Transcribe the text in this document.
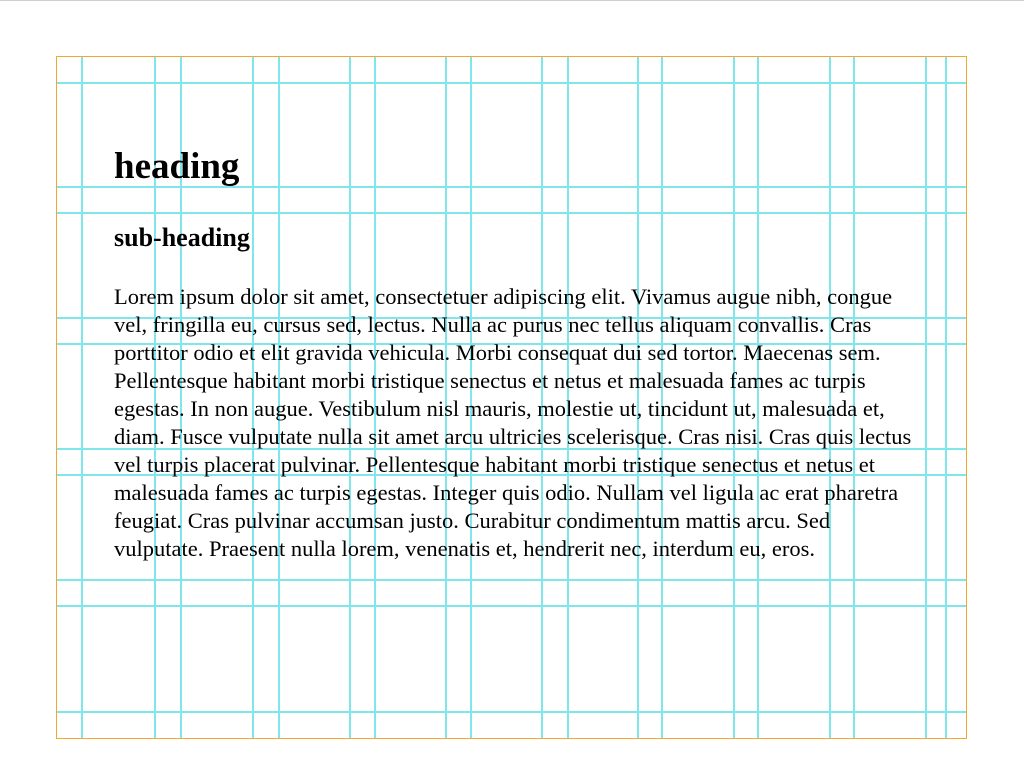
heading
sub-heading

Lorem ipsum dolor sit amet, consectetuer adipiscing elit. Vivamus augue nibh, congue vel, fringilla eu, cursus sed, lectus. Nulla ac purus nec tellus aliquam convallis. Cras porttitor odio et elit gravida vehicula. Morbi consequat dui sed tortor. Maecenas sem. Pellentesque habitant morbi tristique senectus et netus et malesuada fames ac turpis egestas. In non augue. Vestibulum nisl mauris, molestie ut, tincidunt ut, malesuada et, diam. Fusce vulputate nulla sit amet arcu ultricies scelerisque. Cras nisi. Cras quis lectus vel turpis placerat pulvinar. Pellentesque habitant morbi tristique senectus et netus et malesuada fames ac turpis egestas. Integer quis odio. Nullam vel ligula ac erat pharetra feugiat. Cras pulvinar accumsan justo. Curabitur condimentum mattis arcu. Sed vulputate. Praesent nulla lorem, venenatis et, hendrerit nec, interdum eu, eros.
